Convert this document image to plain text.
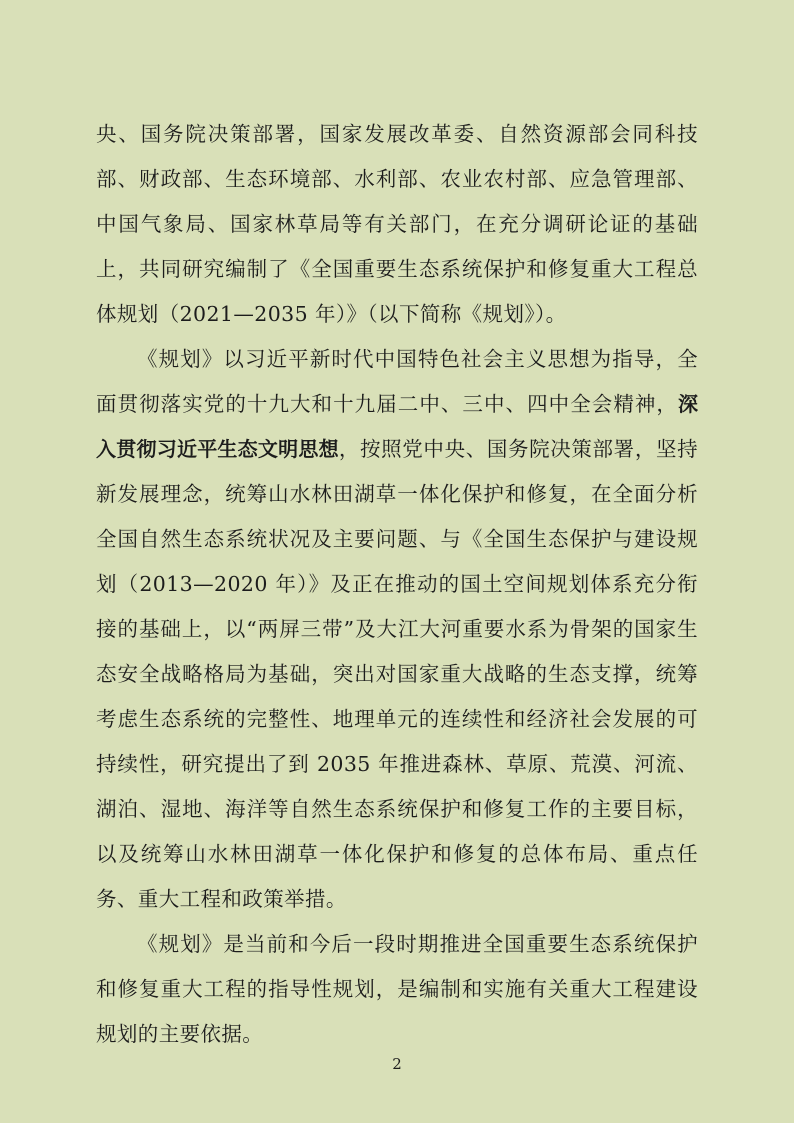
央、国务院决策部署，国家发展改革委、自然资源部会同科技部、财政部、生态环境部、水利部、农业农村部、应急管理部、中国气象局、国家林草局等有关部门，在充分调研论证的基础上，共同研究编制了《全国重要生态系统保护和修复重大工程总体规划（2021—2035 年）》（以下简称《规划》）。

《规划》以习近平新时代中国特色社会主义思想为指导，全面贯彻落实党的十九大和十九届二中、三中、四中全会精神，深入贯彻习近平生态文明思想，按照党中央、国务院决策部署，坚持新发展理念，统筹山水林田湖草一体化保护和修复，在全面分析全国自然生态系统状况及主要问题、与《全国生态保护与建设规划（2013—2020 年）》及正在推动的国土空间规划体系充分衔接的基础上，以“两屏三带”及大江大河重要水系为骨架的国家生态安全战略格局为基础，突出对国家重大战略的生态支撑，统筹考虑生态系统的完整性、地理单元的连续性和经济社会发展的可持续性，研究提出了到 2035 年推进森林、草原、荒漠、河流、湖泊、湿地、海洋等自然生态系统保护和修复工作的主要目标，以及统筹山水林田湖草一体化保护和修复的总体布局、重点任务、重大工程和政策举措。

《规划》是当前和今后一段时期推进全国重要生态系统保护和修复重大工程的指导性规划，是编制和实施有关重大工程建设规划的主要依据。

2
